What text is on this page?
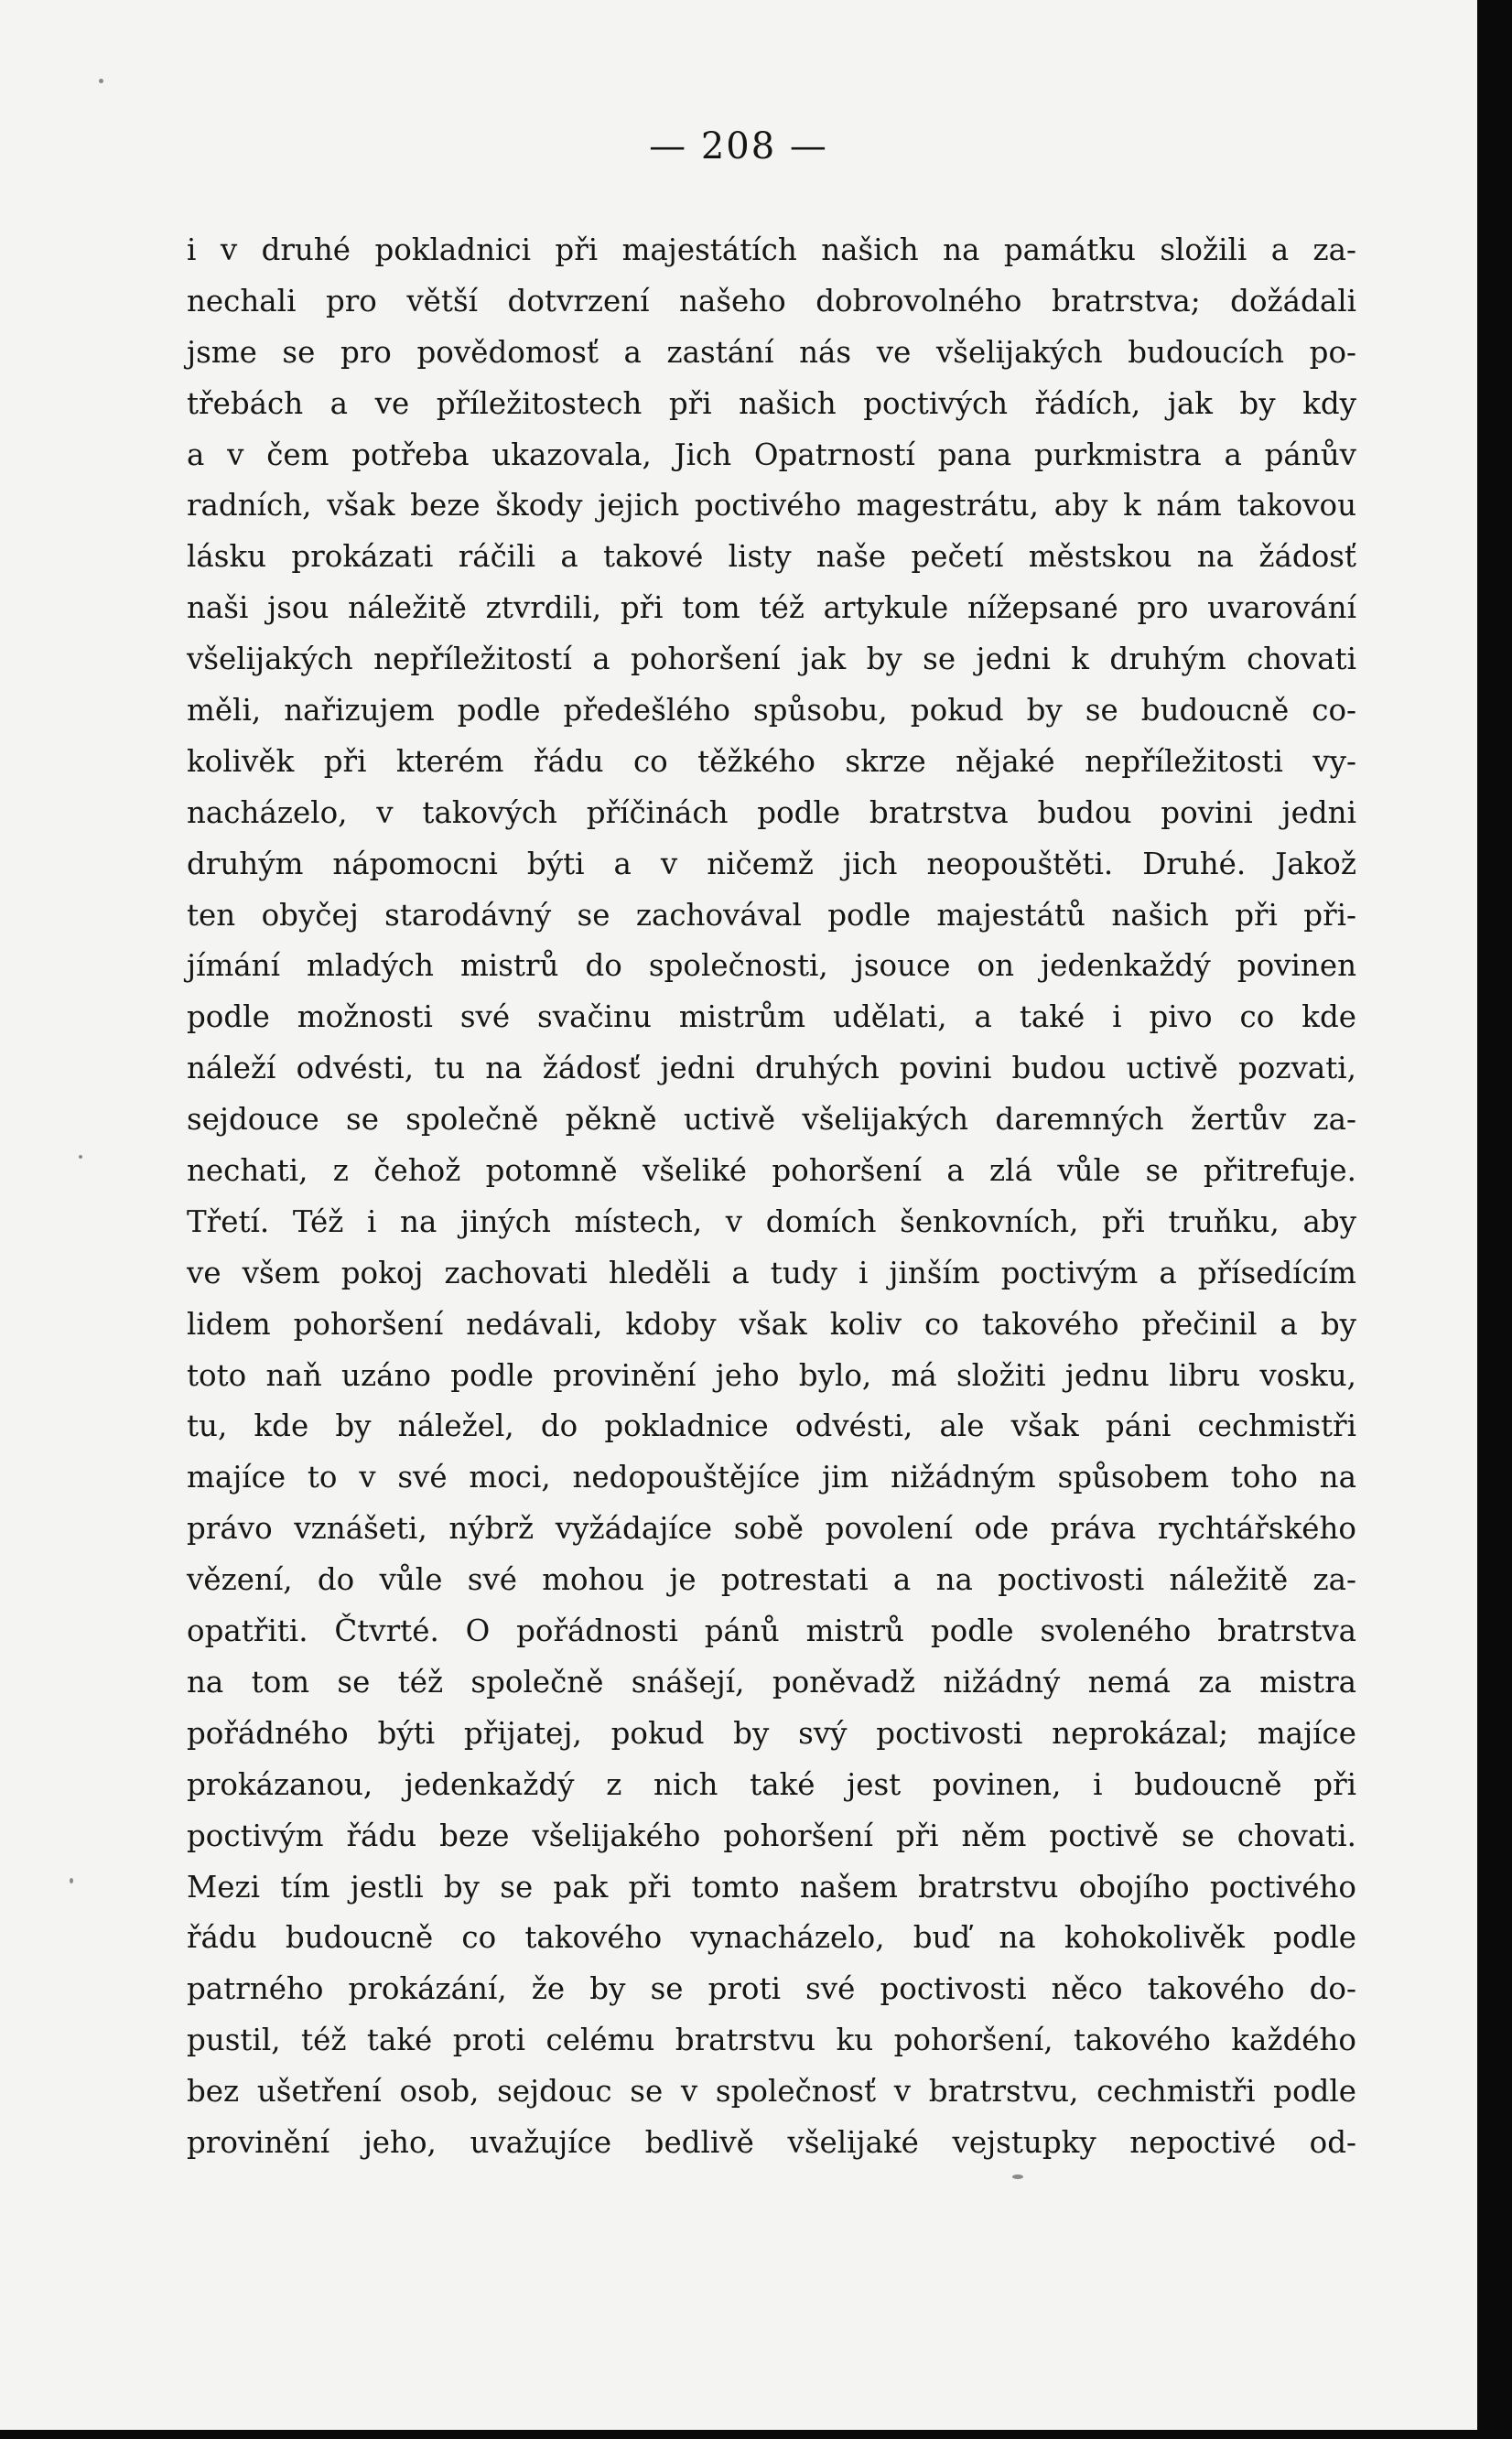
— 208 —
i v druhé pokladnici při majestátích našich na památku složili a za-
nechali pro větší dotvrzení našeho dobrovolného bratrstva; dožádali
jsme se pro povědomosť a zastání nás ve všelijakých budoucích po-
třebách a ve příležitostech při našich poctivých řádích, jak by kdy
a v čem potřeba ukazovala, Jich Opatrností pana purkmistra a pánův
radních, však beze škody jejich poctivého magestrátu, aby k nám takovou
lásku prokázati ráčili a takové listy naše pečetí městskou na žádosť
naši jsou náležitě ztvrdili, při tom též artykule nížepsané pro uvarování
všelijakých nepříležitostí a pohoršení jak by se jedni k druhým chovati
měli, nařizujem podle předešlého spůsobu, pokud by se budoucně co-
kolivěk při kterém řádu co těžkého skrze nějaké nepříležitosti vy-
nacházelo, v takových příčinách podle bratrstva budou povini jedni
druhým nápomocni býti a v ničemž jich neopouštěti. Druhé. Jakož
ten obyčej starodávný se zachovával podle majestátů našich při při-
jímání mladých mistrů do společnosti, jsouce on jedenkaždý povinen
podle možnosti své svačinu mistrům udělati, a také i pivo co kde
náleží odvésti, tu na žádosť jedni druhých povini budou uctivě pozvati,
sejdouce se společně pěkně uctivě všelijakých daremných žertův za-
nechati, z čehož potomně všeliké pohoršení a zlá vůle se přitrefuje.
Třetí. Též i na jiných místech, v domích šenkovních, při truňku, aby
ve všem pokoj zachovati hleděli a tudy i jinším poctivým a přísedícím
lidem pohoršení nedávali, kdoby však koliv co takového přečinil a by
toto naň uzáno podle provinění jeho bylo, má složiti jednu libru vosku,
tu, kde by náležel, do pokladnice odvésti, ale však páni cechmistři
majíce to v své moci, nedopouštějíce jim nižádným spůsobem toho na
právo vznášeti, nýbrž vyžádajíce sobě povolení ode práva rychtářského
vězení, do vůle své mohou je potrestati a na poctivosti náležitě za-
opatřiti. Čtvrté. O pořádnosti pánů mistrů podle svoleného bratrstva
na tom se též společně snášejí, poněvadž nižádný nemá za mistra
pořádného býti přijatej, pokud by svý poctivosti neprokázal; majíce
prokázanou, jedenkaždý z nich také jest povinen, i budoucně při
poctivým řádu beze všelijakého pohoršení při něm poctivě se chovati.
Mezi tím jestli by se pak při tomto našem bratrstvu obojího poctivého
řádu budoucně co takového vynacházelo, buď na kohokolivěk podle
patrného prokázání, že by se proti své poctivosti něco takového do-
pustil, též také proti celému bratrstvu ku pohoršení, takového každého
bez ušetření osob, sejdouc se v společnosť v bratrstvu, cechmistři podle
provinění jeho, uvažujíce bedlivě všelijaké vejstupky nepoctivé od-
